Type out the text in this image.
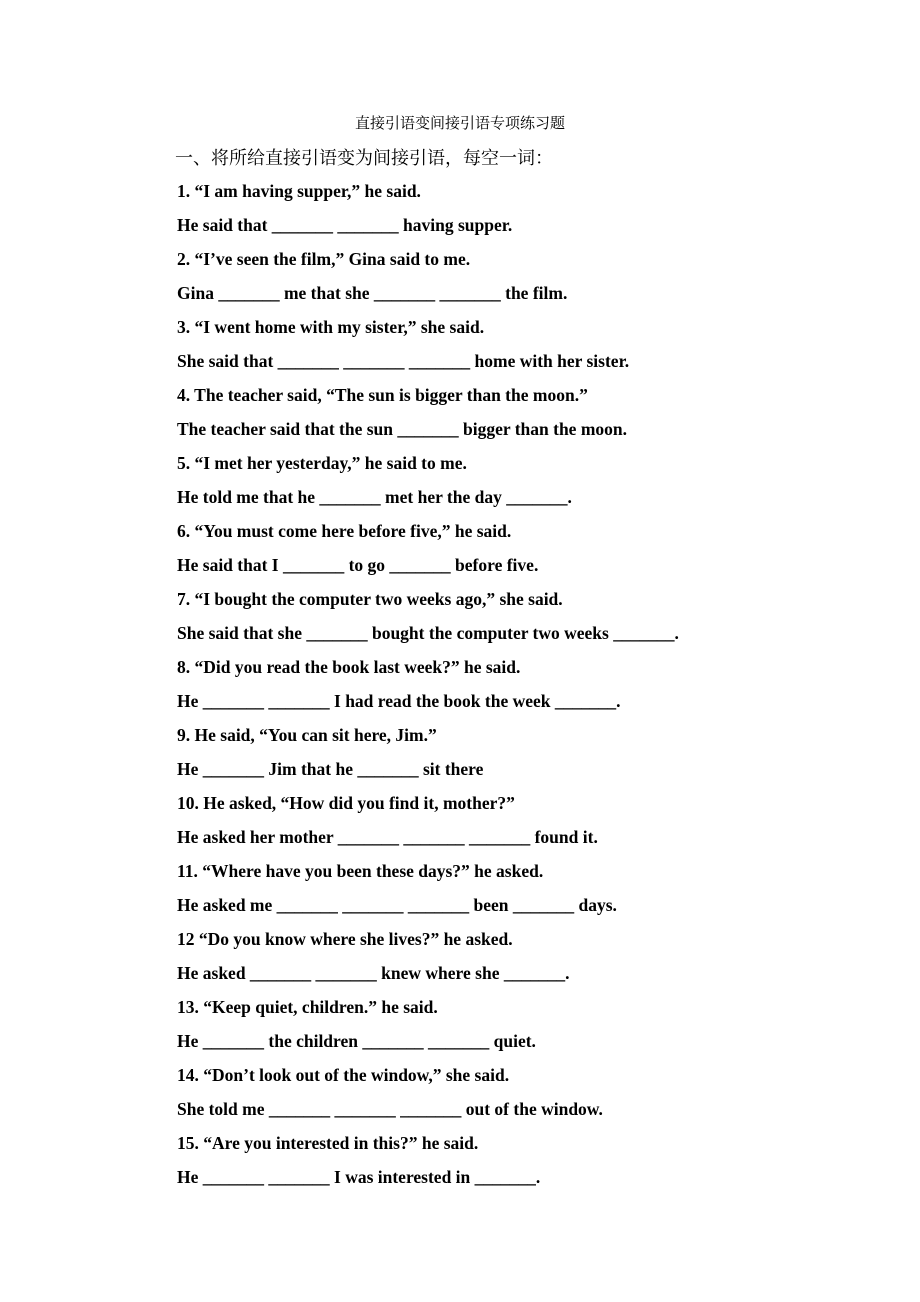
直接引语变间接引语专项练习题
一、将所给直接引语变为间接引语，每空一词：
1. “I am having supper,” he said.
He said that _______ _______ having supper.
2. “I’ve seen the film,” Gina said to me.
Gina _______ me that she _______ _______ the film.
3. “I went home with my sister,” she said.
She said that _______ _______ _______ home with her sister.
4. The teacher said, “The sun is bigger than the moon.”
The teacher said that the sun _______ bigger than the moon.
5. “I met her yesterday,” he said to me.
He told me that he _______ met her the day _______.
6. “You must come here before five,” he said.
He said that I _______ to go _______ before five.
7. “I bought the computer two weeks ago,” she said.
She said that she _______ bought the computer two weeks _______.
8. “Did you read the book last week?” he said.
He _______ _______ I had read the book the week _______.
9. He said, “You can sit here, Jim.”
He _______ Jim that he _______ sit there
10. He asked, “How did you find it, mother?”
He asked her mother _______ _______ _______ found it.
11. “Where have you been these days?” he asked.
He asked me _______ _______ _______ been _______ days.
12 “Do you know where she lives?” he asked.
He asked _______ _______ knew where she _______.
13. “Keep quiet, children.” he said.
He _______ the children _______ _______ quiet.
14. “Don’t look out of the window,” she said.
She told me _______ _______ _______ out of the window.
15. “Are you interested in this?” he said.
He _______ _______ I was interested in _______.
